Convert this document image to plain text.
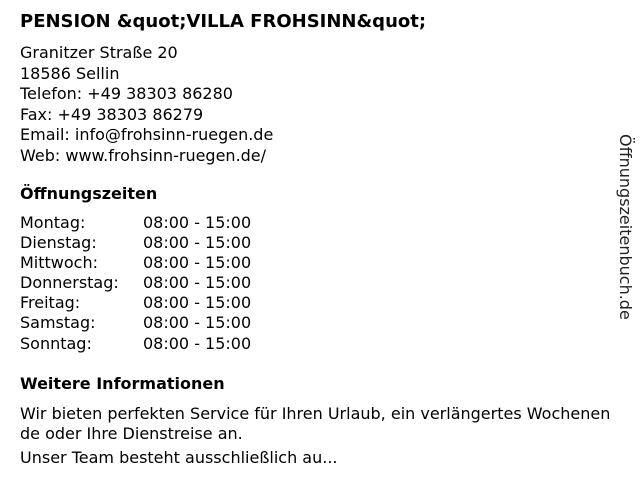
PENSION &quot;VILLA FROHSINN&quot;
Granitzer Straße 20
18586 Sellin
Telefon: +49 38303 86280
Fax: +49 38303 86279
Email: info@frohsinn-ruegen.de
Web: www.frohsinn-ruegen.de/
Öffnungszeiten
Montag:	08:00 - 15:00
Dienstag:	08:00 - 15:00
Mittwoch:	08:00 - 15:00
Donnerstag:	08:00 - 15:00
Freitag:	08:00 - 15:00
Samstag:	08:00 - 15:00
Sonntag:	08:00 - 15:00
Weitere Informationen

Wir bieten perfekten Service für Ihren Urlaub, ein verlängertes Wochenende oder Ihre Dienstreise an.

Unser Team besteht ausschließlich au...

Öffnungszeitenbuch.de
